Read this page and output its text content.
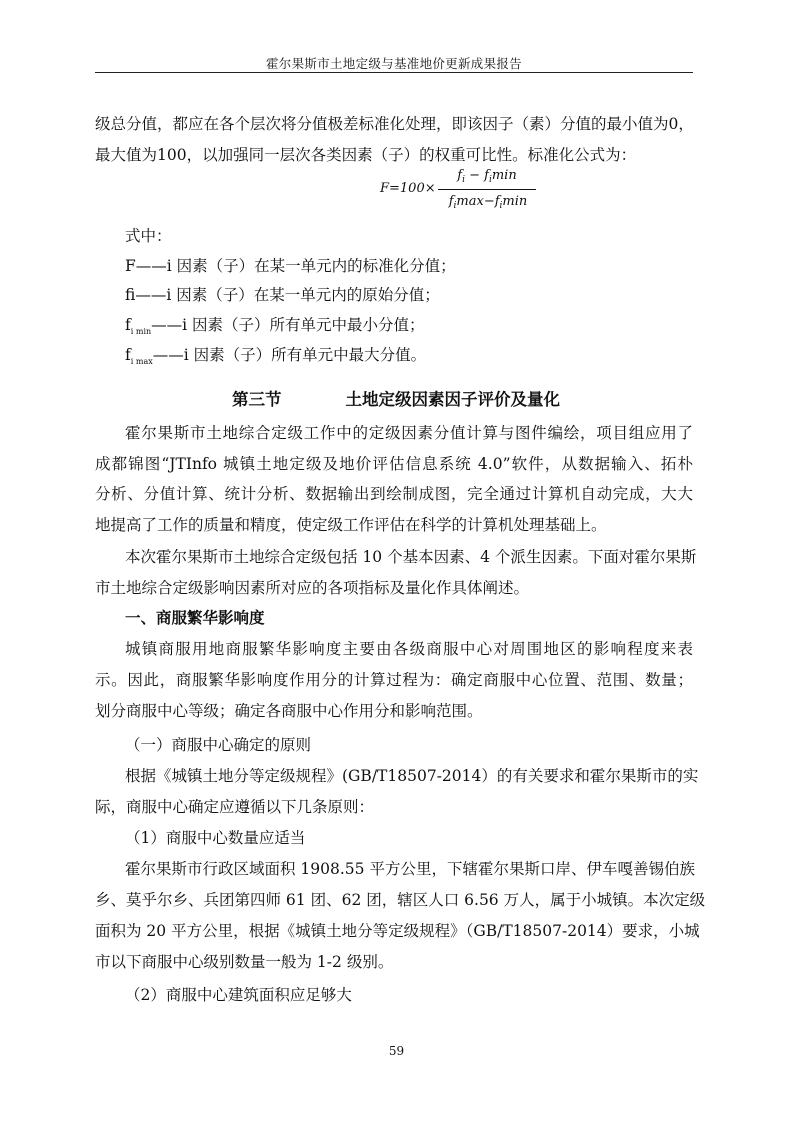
霍尔果斯市土地定级与基准地价更新成果报告
级总分值，都应在各个层次将分值极差标准化处理，即该因子（素）分值的最小值为0，
最大值为100，以加强同一层次各类因素（子）的权重可比性。标准化公式为：
F=100×
$f_i - f_i\min$
$f_i\max-f_i\min$
式中：
F——i 因素（子）在某一单元内的标准化分值；
fi——i 因素（子）在某一单元内的原始分值；
$f_{i min}——i$ 因素（子）所有单元中最小分值；
$f_{i max}——i$ 因素（子）所有单元中最大分值。
第三节	土地定级因素因子评价及量化
霍尔果斯市土地综合定级工作中的定级因素分值计算与图件编绘，项目组应用了
成都锦图“JTInfo 城镇土地定级及地价评估信息系统 4.0”软件，从数据输入、拓朴
分析、分值计算、统计分析、数据输出到绘制成图，完全通过计算机自动完成，大大
地提高了工作的质量和精度，使定级工作评估在科学的计算机处理基础上。
本次霍尔果斯市土地综合定级包括 10 个基本因素、4 个派生因素。下面对霍尔果斯
市土地综合定级影响因素所对应的各项指标及量化作具体阐述。
一、商服繁华影响度
城镇商服用地商服繁华影响度主要由各级商服中心对周围地区的影响程度来表
示。因此，商服繁华影响度作用分的计算过程为：确定商服中心位置、范围、数量；
划分商服中心等级；确定各商服中心作用分和影响范围。
（一）商服中心确定的原则
根据《城镇土地分等定级规程》(GB/T18507-2014）的有关要求和霍尔果斯市的实
际，商服中心确定应遵循以下几条原则：
（1）商服中心数量应适当
霍尔果斯市行政区域面积 1908.55 平方公里，下辖霍尔果斯口岸、伊车嘎善锡伯族
乡、莫乎尔乡、兵团第四师 61 团、62 团，辖区人口 6.56 万人，属于小城镇。本次定级
面积为 20 平方公里，根据《城镇土地分等定级规程》（GB/T18507-2014）要求，小城
市以下商服中心级别数量一般为 1-2 级别。
（2）商服中心建筑面积应足够大
59
